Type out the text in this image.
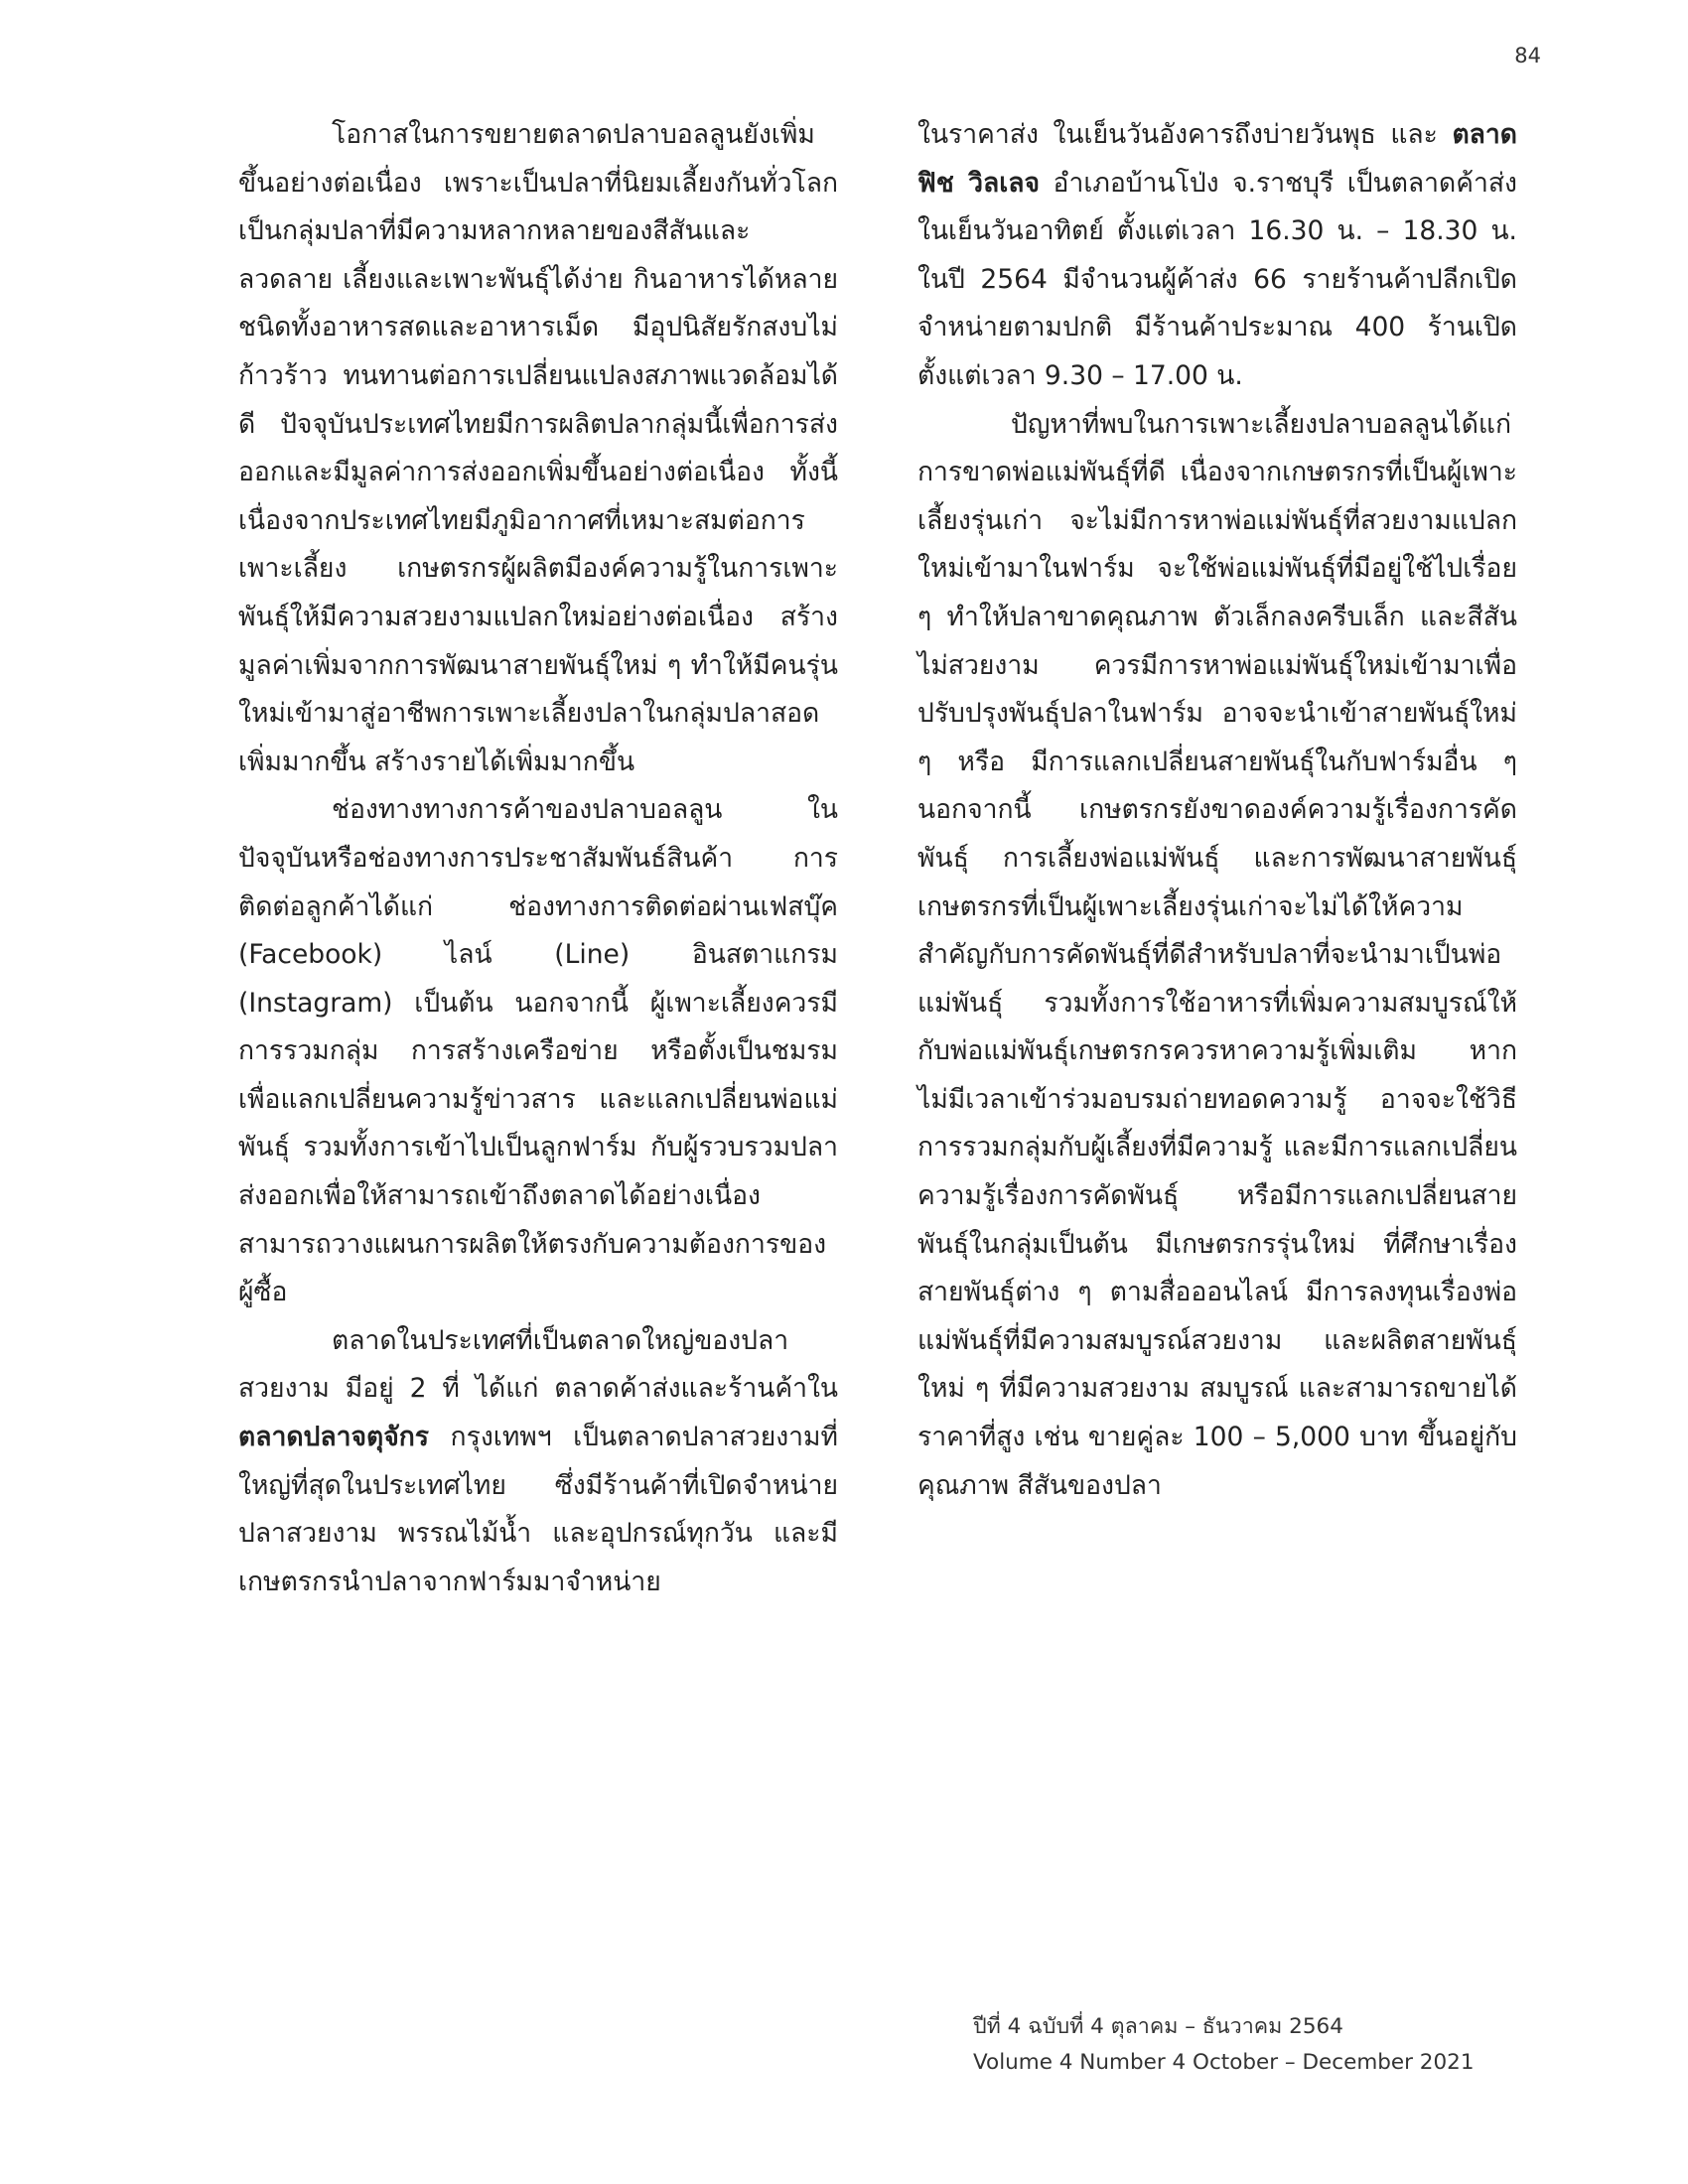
84

โอกาสในการขยายตลาดปลาบอลลูนยังเพิ่มขึ้นอย่างต่อเนื่อง เพราะเป็นปลาที่นิยมเลี้ยงกันทั่วโลก เป็นกลุ่มปลาที่มีความหลากหลายของสีสันและลวดลาย เลี้ยงและเพาะพันธุ์ได้ง่าย กินอาหารได้หลายชนิดทั้งอาหารสดและอาหารเม็ด มีอุปนิสัยรักสงบไม่ก้าวร้าว ทนทานต่อการเปลี่ยนแปลงสภาพแวดล้อมได้ดี ปัจจุบันประเทศไทยมีการผลิตปลากลุ่มนี้เพื่อการส่งออกและมีมูลค่าการส่งออกเพิ่มขึ้นอย่างต่อเนื่อง ทั้งนี้เนื่องจากประเทศไทยมีภูมิอากาศที่เหมาะสมต่อการเพาะเลี้ยง เกษตรกรผู้ผลิตมีองค์ความรู้ในการเพาะพันธุ์ให้มีความสวยงามแปลกใหม่อย่างต่อเนื่อง สร้างมูลค่าเพิ่มจากการพัฒนาสายพันธุ์ใหม่ ๆ ทำให้มีคนรุ่นใหม่เข้ามาสู่อาชีพการเพาะเลี้ยงปลาในกลุ่มปลาสอดเพิ่มมากขึ้น สร้างรายได้เพิ่มมากขึ้น

ช่องทางทางการค้าของปลาบอลลูน ในปัจจุบันหรือช่องทางการประชาสัมพันธ์สินค้า การติดต่อลูกค้าได้แก่ ช่องทางการติดต่อผ่านเฟสบุ๊ค (Facebook) ไลน์ (Line) อินสตาแกรม (Instagram) เป็นต้น นอกจากนี้ ผู้เพาะเลี้ยงควรมีการรวมกลุ่ม การสร้างเครือข่าย หรือตั้งเป็นชมรม เพื่อแลกเปลี่ยนความรู้ข่าวสาร และแลกเปลี่ยนพ่อแม่พันธุ์ รวมทั้งการเข้าไปเป็นลูกฟาร์ม กับผู้รวบรวมปลาส่งออกเพื่อให้สามารถเข้าถึงตลาดได้อย่างเนื่อง สามารถวางแผนการผลิตให้ตรงกับความต้องการของผู้ซื้อ

ตลาดในประเทศที่เป็นตลาดใหญ่ของปลาสวยงาม มีอยู่ 2 ที่ ได้แก่ ตลาดค้าส่งและร้านค้าในตลาดปลาจตุจักร กรุงเทพฯ เป็นตลาดปลาสวยงามที่ใหญ่ที่สุดในประเทศไทย ซึ่งมีร้านค้าที่เปิดจำหน่ายปลาสวยงาม พรรณไม้น้ำ และอุปกรณ์ทุกวัน และมีเกษตรกรนำปลาจากฟาร์มมาจำหน่าย

ในราคาส่ง ในเย็นวันอังคารถึงบ่ายวันพุธ และ ตลาดฟิช วิลเลจ อำเภอบ้านโป่ง จ.ราชบุรี เป็นตลาดค้าส่งในเย็นวันอาทิตย์ ตั้งแต่เวลา 16.30 น. – 18.30 น. ในปี 2564 มีจำนวนผู้ค้าส่ง 66 รายร้านค้าปลีกเปิดจำหน่ายตามปกติ มีร้านค้าประมาณ 400 ร้านเปิดตั้งแต่เวลา 9.30 – 17.00 น.

ปัญหาที่พบในการเพาะเลี้ยงปลาบอลลูนได้แก่ การขาดพ่อแม่พันธุ์ที่ดี เนื่องจากเกษตรกรที่เป็นผู้เพาะเลี้ยงรุ่นเก่า จะไม่มีการหาพ่อแม่พันธุ์ที่สวยงามแปลกใหม่เข้ามาในฟาร์ม จะใช้พ่อแม่พันธุ์ที่มีอยู่ใช้ไปเรื่อย ๆ ทำให้ปลาขาดคุณภาพ ตัวเล็กลงครีบเล็ก และสีสันไม่สวยงาม ควรมีการหาพ่อแม่พันธุ์ใหม่เข้ามาเพื่อปรับปรุงพันธุ์ปลาในฟาร์ม อาจจะนำเข้าสายพันธุ์ใหม่ ๆ หรือ มีการแลกเปลี่ยนสายพันธุ์ในกับฟาร์มอื่น ๆ นอกจากนี้ เกษตรกรยังขาดองค์ความรู้เรื่องการคัดพันธุ์ การเลี้ยงพ่อแม่พันธุ์ และการพัฒนาสายพันธุ์ เกษตรกรที่เป็นผู้เพาะเลี้ยงรุ่นเก่าจะไม่ได้ให้ความสำคัญกับการคัดพันธุ์ที่ดีสำหรับปลาที่จะนำมาเป็นพ่อแม่พันธุ์ รวมทั้งการใช้อาหารที่เพิ่มความสมบูรณ์ให้กับพ่อแม่พันธุ์เกษตรกรควรหาความรู้เพิ่มเติม หากไม่มีเวลาเข้าร่วมอบรมถ่ายทอดความรู้ อาจจะใช้วิธีการรวมกลุ่มกับผู้เลี้ยงที่มีความรู้ และมีการแลกเปลี่ยนความรู้เรื่องการคัดพันธุ์ หรือมีการแลกเปลี่ยนสายพันธุ์ในกลุ่มเป็นต้น มีเกษตรกรรุ่นใหม่ ที่ศึกษาเรื่องสายพันธุ์ต่าง ๆ ตามสื่อออนไลน์ มีการลงทุนเรื่องพ่อแม่พันธุ์ที่มีความสมบูรณ์สวยงาม และผลิตสายพันธุ์ใหม่ ๆ ที่มีความสวยงาม สมบูรณ์ และสามารถขายได้ราคาที่สูง เช่น ขายคู่ละ 100 – 5,000 บาท ขึ้นอยู่กับคุณภาพ สีสันของปลา

ปีที่ 4 ฉบับที่ 4 ตุลาคม – ธันวาคม 2564
Volume 4 Number 4 October – December 2021
